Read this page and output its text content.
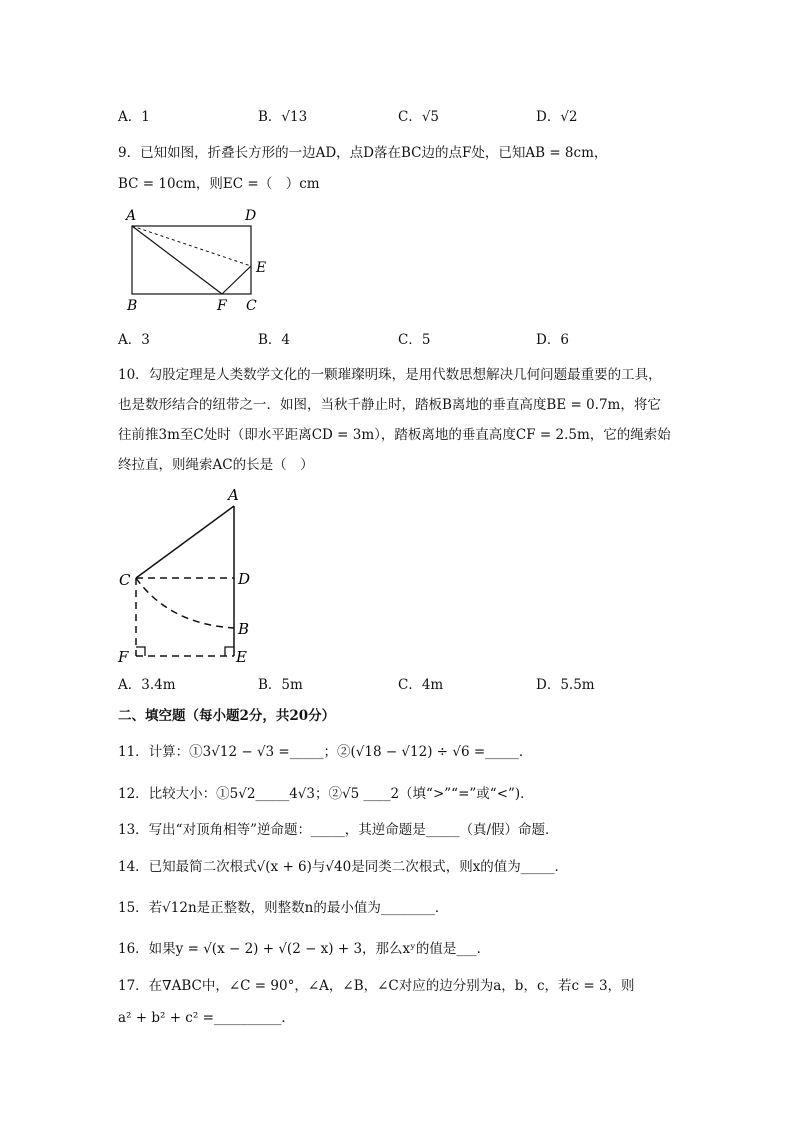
A．1	B．√13	C．√5	D．√2
9．已知如图，折叠长方形的一边AD，点D落在BC边的点F处，已知AB = 8cm，
BC = 10cm，则EC =（　）cm
A	D
E
B	F C
A．3	B．4	C．5	D．6
10．勾股定理是人类数学文化的一颗璀璨明珠，是用代数思想解决几何问题最重要的工具，
也是数形结合的纽带之一．如图，当秋千静止时，踏板B离地的垂直高度BE = 0.7m，将它
往前推3m至C处时（即水平距离CD = 3m），踏板离地的垂直高度CF = 2.5m，它的绳索始
终拉直，则绳索AC的长是（　）
A
C	D
B
F	E
A．3.4m	B．5m	C．4m	D．5.5m
二、填空题（每小题2分，共20分）
11．计算：①3√12 − √3 =_____；②(√18 − √12) ÷ √6 =_____．
12．比较大小：①5√2_____4√3；②√5 ____2（填“>”“=”或“<”)．
13．写出“对顶角相等”逆命题：_____，其逆命题是_____（真/假）命题．
14．已知最简二次根式√(x + 6)与√40是同类二次根式，则x的值为_____．
15．若√12n是正整数，则整数n的最小值为________．
16．如果y = √(x − 2) + √(2 − x) + 3，那么xʸ的值是___．
17．在∇ABC中，∠C = 90°，∠A，∠B，∠C对应的边分别为a，b，c，若c = 3，则
a² + b² + c² =__________．
